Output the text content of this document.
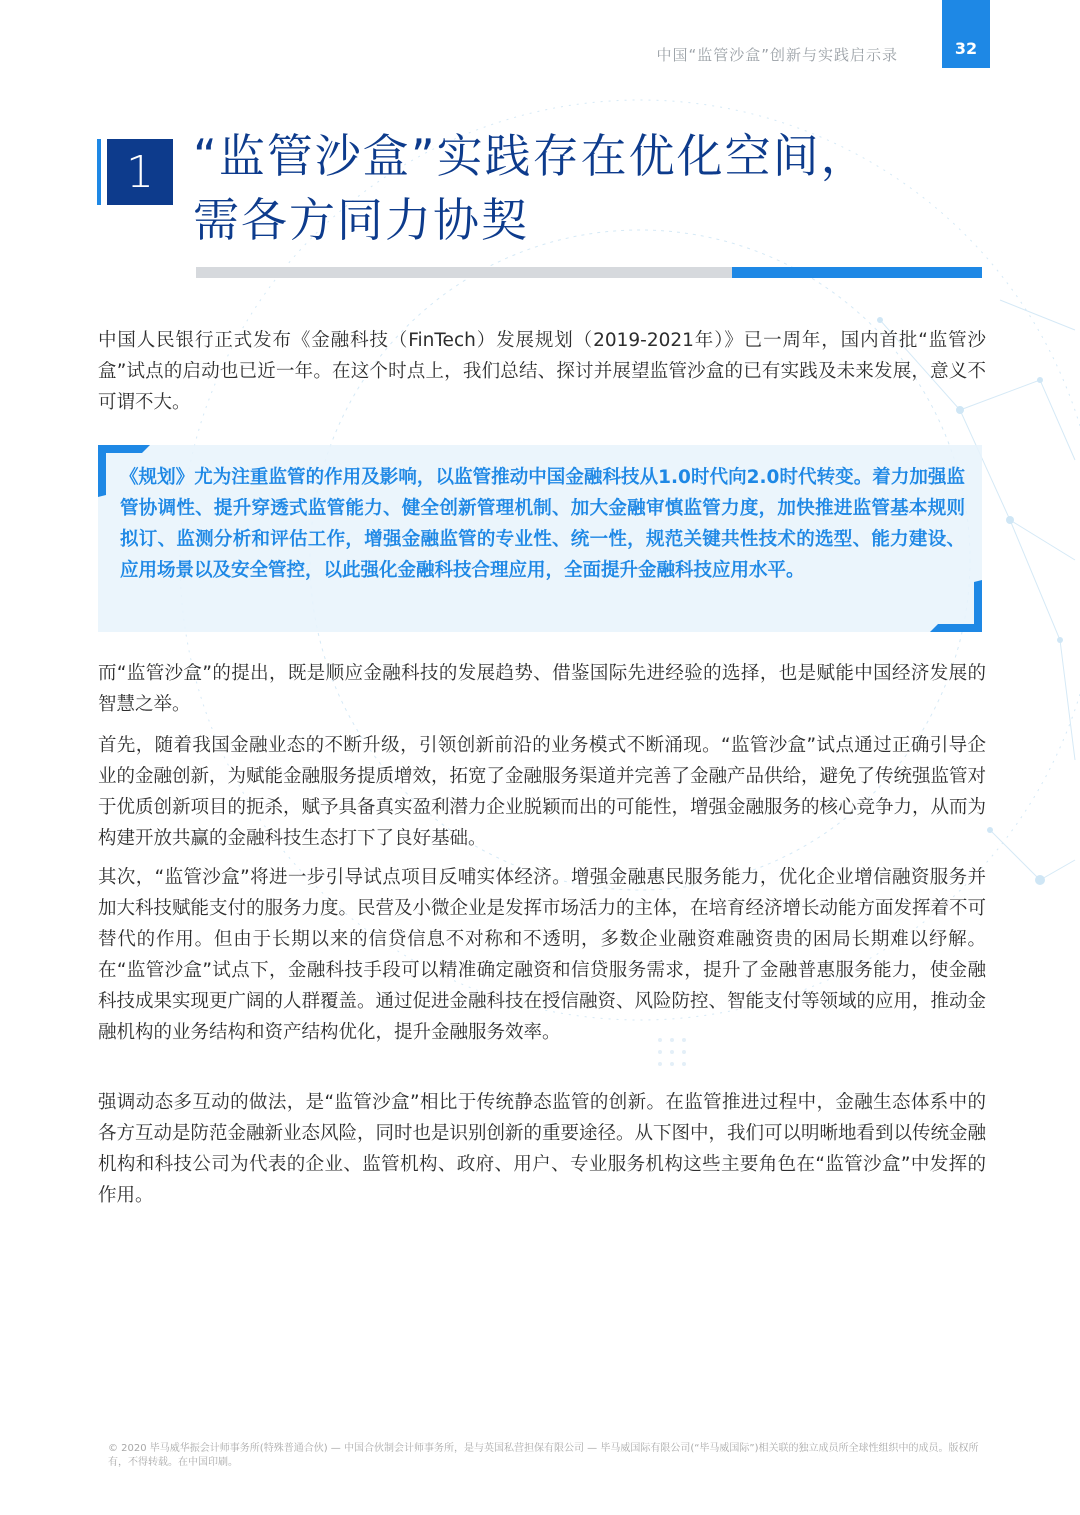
中国“监管沙盒”创新与实践启示录	32
1 “监管沙盒”实践存在优化空间，
需各方同力协契

中国人民银行正式发布《金融科技（FinTech）发展规划（2019-2021年）》已一周年，国内首批“监管沙盒”试点的启动也已近一年。在这个时点上，我们总结、探讨并展望监管沙盒的已有实践及未来发展，意义不可谓不大。

《规划》尤为注重监管的作用及影响，以监管推动中国金融科技从1.0时代向2.0时代转变。着力加强监管协调性、提升穿透式监管能力、健全创新管理机制、加大金融审慎监管力度，加快推进监管基本规则拟订、监测分析和评估工作，增强金融监管的专业性、统一性，规范关键共性技术的选型、能力建设、应用场景以及安全管控，以此强化金融科技合理应用，全面提升金融科技应用水平。

而“监管沙盒”的提出，既是顺应金融科技的发展趋势、借鉴国际先进经验的选择，也是赋能中国经济发展的智慧之举。

首先，随着我国金融业态的不断升级，引领创新前沿的业务模式不断涌现。“监管沙盒”试点通过正确引导企业的金融创新，为赋能金融服务提质增效，拓宽了金融服务渠道并完善了金融产品供给，避免了传统强监管对于优质创新项目的扼杀，赋予具备真实盈利潜力企业脱颖而出的可能性，增强金融服务的核心竞争力，从而为构建开放共赢的金融科技生态打下了良好基础。

其次，“监管沙盒”将进一步引导试点项目反哺实体经济。增强金融惠民服务能力，优化企业增信融资服务并加大科技赋能支付的服务力度。民营及小微企业是发挥市场活力的主体，在培育经济增长动能方面发挥着不可替代的作用。但由于长期以来的信贷信息不对称和不透明，多数企业融资难融资贵的困局长期难以纾解。在“监管沙盒”试点下，金融科技手段可以精准确定融资和信贷服务需求，提升了金融普惠服务能力，使金融科技成果实现更广阔的人群覆盖。通过促进金融科技在授信融资、风险防控、智能支付等领域的应用，推动金融机构的业务结构和资产结构优化，提升金融服务效率。

强调动态多互动的做法，是“监管沙盒”相比于传统静态监管的创新。在监管推进过程中，金融生态体系中的各方互动是防范金融新业态风险，同时也是识别创新的重要途径。从下图中，我们可以明晰地看到以传统金融机构和科技公司为代表的企业、监管机构、政府、用户、专业服务机构这些主要角色在“监管沙盒”中发挥的作用。

© 2020 毕马威华振会计师事务所(特殊普通合伙) — 中国合伙制会计师事务所，是与英国私营担保有限公司 — 毕马威国际有限公司(“毕马威国际”)相关联的独立成员所全球性组织中的成员。版权所有，不得转载。在中国印刷。
